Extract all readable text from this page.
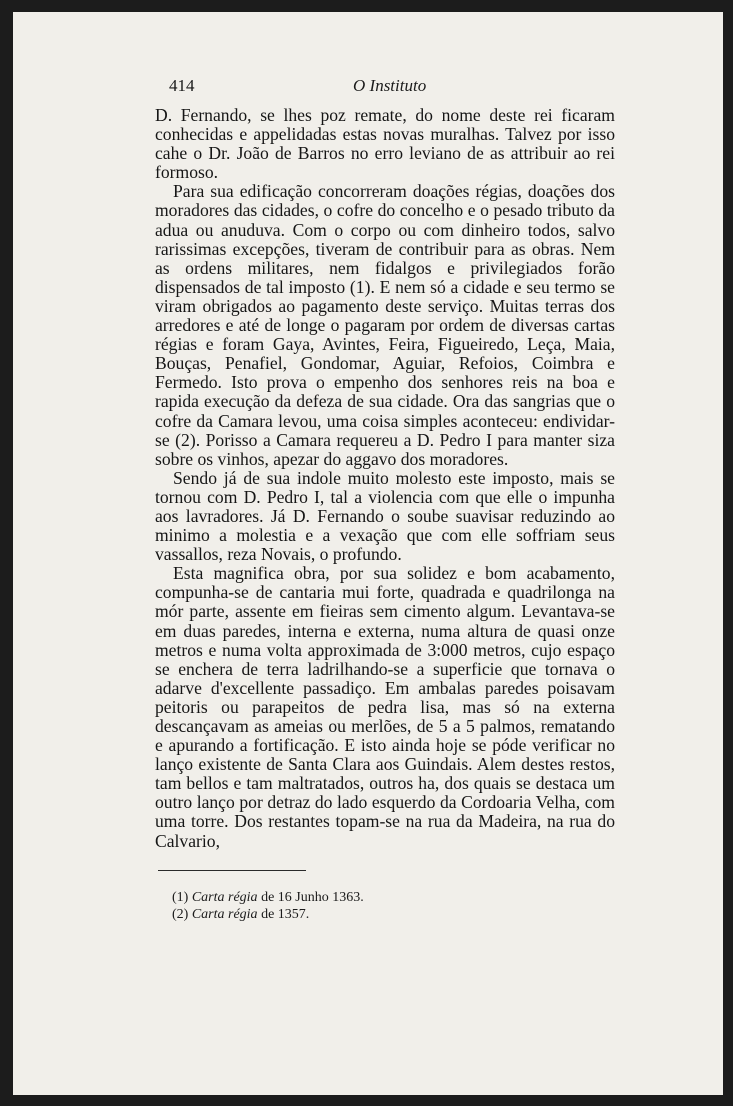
414	O Instituto

D. Fernando, se lhes poz remate, do nome deste rei ficaram conhecidas e appelidadas estas novas muralhas. Talvez por isso cahe o Dr. João de Barros no erro leviano de as attribuir ao rei formoso.

Para sua edificação concorreram doações régias, doações dos moradores das cidades, o cofre do concelho e o pesado tributo da adua ou anuduva. Com o corpo ou com dinheiro todos, salvo rarissimas excepções, tiveram de contribuir para as obras. Nem as ordens militares, nem fidalgos e privilegiados forão dispensados de tal imposto (1). E nem só a cidade e seu termo se viram obrigados ao pagamento deste serviço. Muitas terras dos arredores e até de longe o pagaram por ordem de diversas cartas régias e foram Gaya, Avintes, Feira, Figueiredo, Leça, Maia, Bouças, Penafiel, Gondomar, Aguiar, Refoios, Coimbra e Fermedo. Isto prova o empenho dos senhores reis na boa e rapida execução da defeza de sua cidade. Ora das sangrias que o cofre da Camara levou, uma coisa simples aconteceu: endividar-se (2). Porisso a Camara requereu a D. Pedro I para manter siza sobre os vinhos, apezar do aggavo dos moradores.

Sendo já de sua indole muito molesto este imposto, mais se tornou com D. Pedro I, tal a violencia com que elle o impunha aos lavradores. Já D. Fernando o soube suavisar reduzindo ao minimo a molestia e a vexação que com elle soffriam seus vassallos, reza Novais, o profundo.

Esta magnifica obra, por sua solidez e bom acabamento, compunha-se de cantaria mui forte, quadrada e quadrilonga na mór parte, assente em fieiras sem cimento algum. Levantava-se em duas paredes, interna e externa, numa altura de quasi onze metros e numa volta approximada de 3:000 metros, cujo espaço se enchera de terra ladrilhando-se a superficie que tornava o adarve d'excellente passadiço. Em ambalas paredes poisavam peitoris ou parapeitos de pedra lisa, mas só na externa descançavam as ameias ou merlões, de 5 a 5 palmos, rematando e apurando a fortificação. E isto ainda hoje se póde verificar no lanço existente de Santa Clara aos Guindais. Alem destes restos, tam bellos e tam maltratados, outros ha, dos quais se destaca um outro lanço por detraz do lado esquerdo da Cordoaria Velha, com uma torre. Dos restantes topam-se na rua da Madeira, na rua do Calvario,

(1) Carta régia de 16 Junho 1363.
(2) Carta régia de 1357.
